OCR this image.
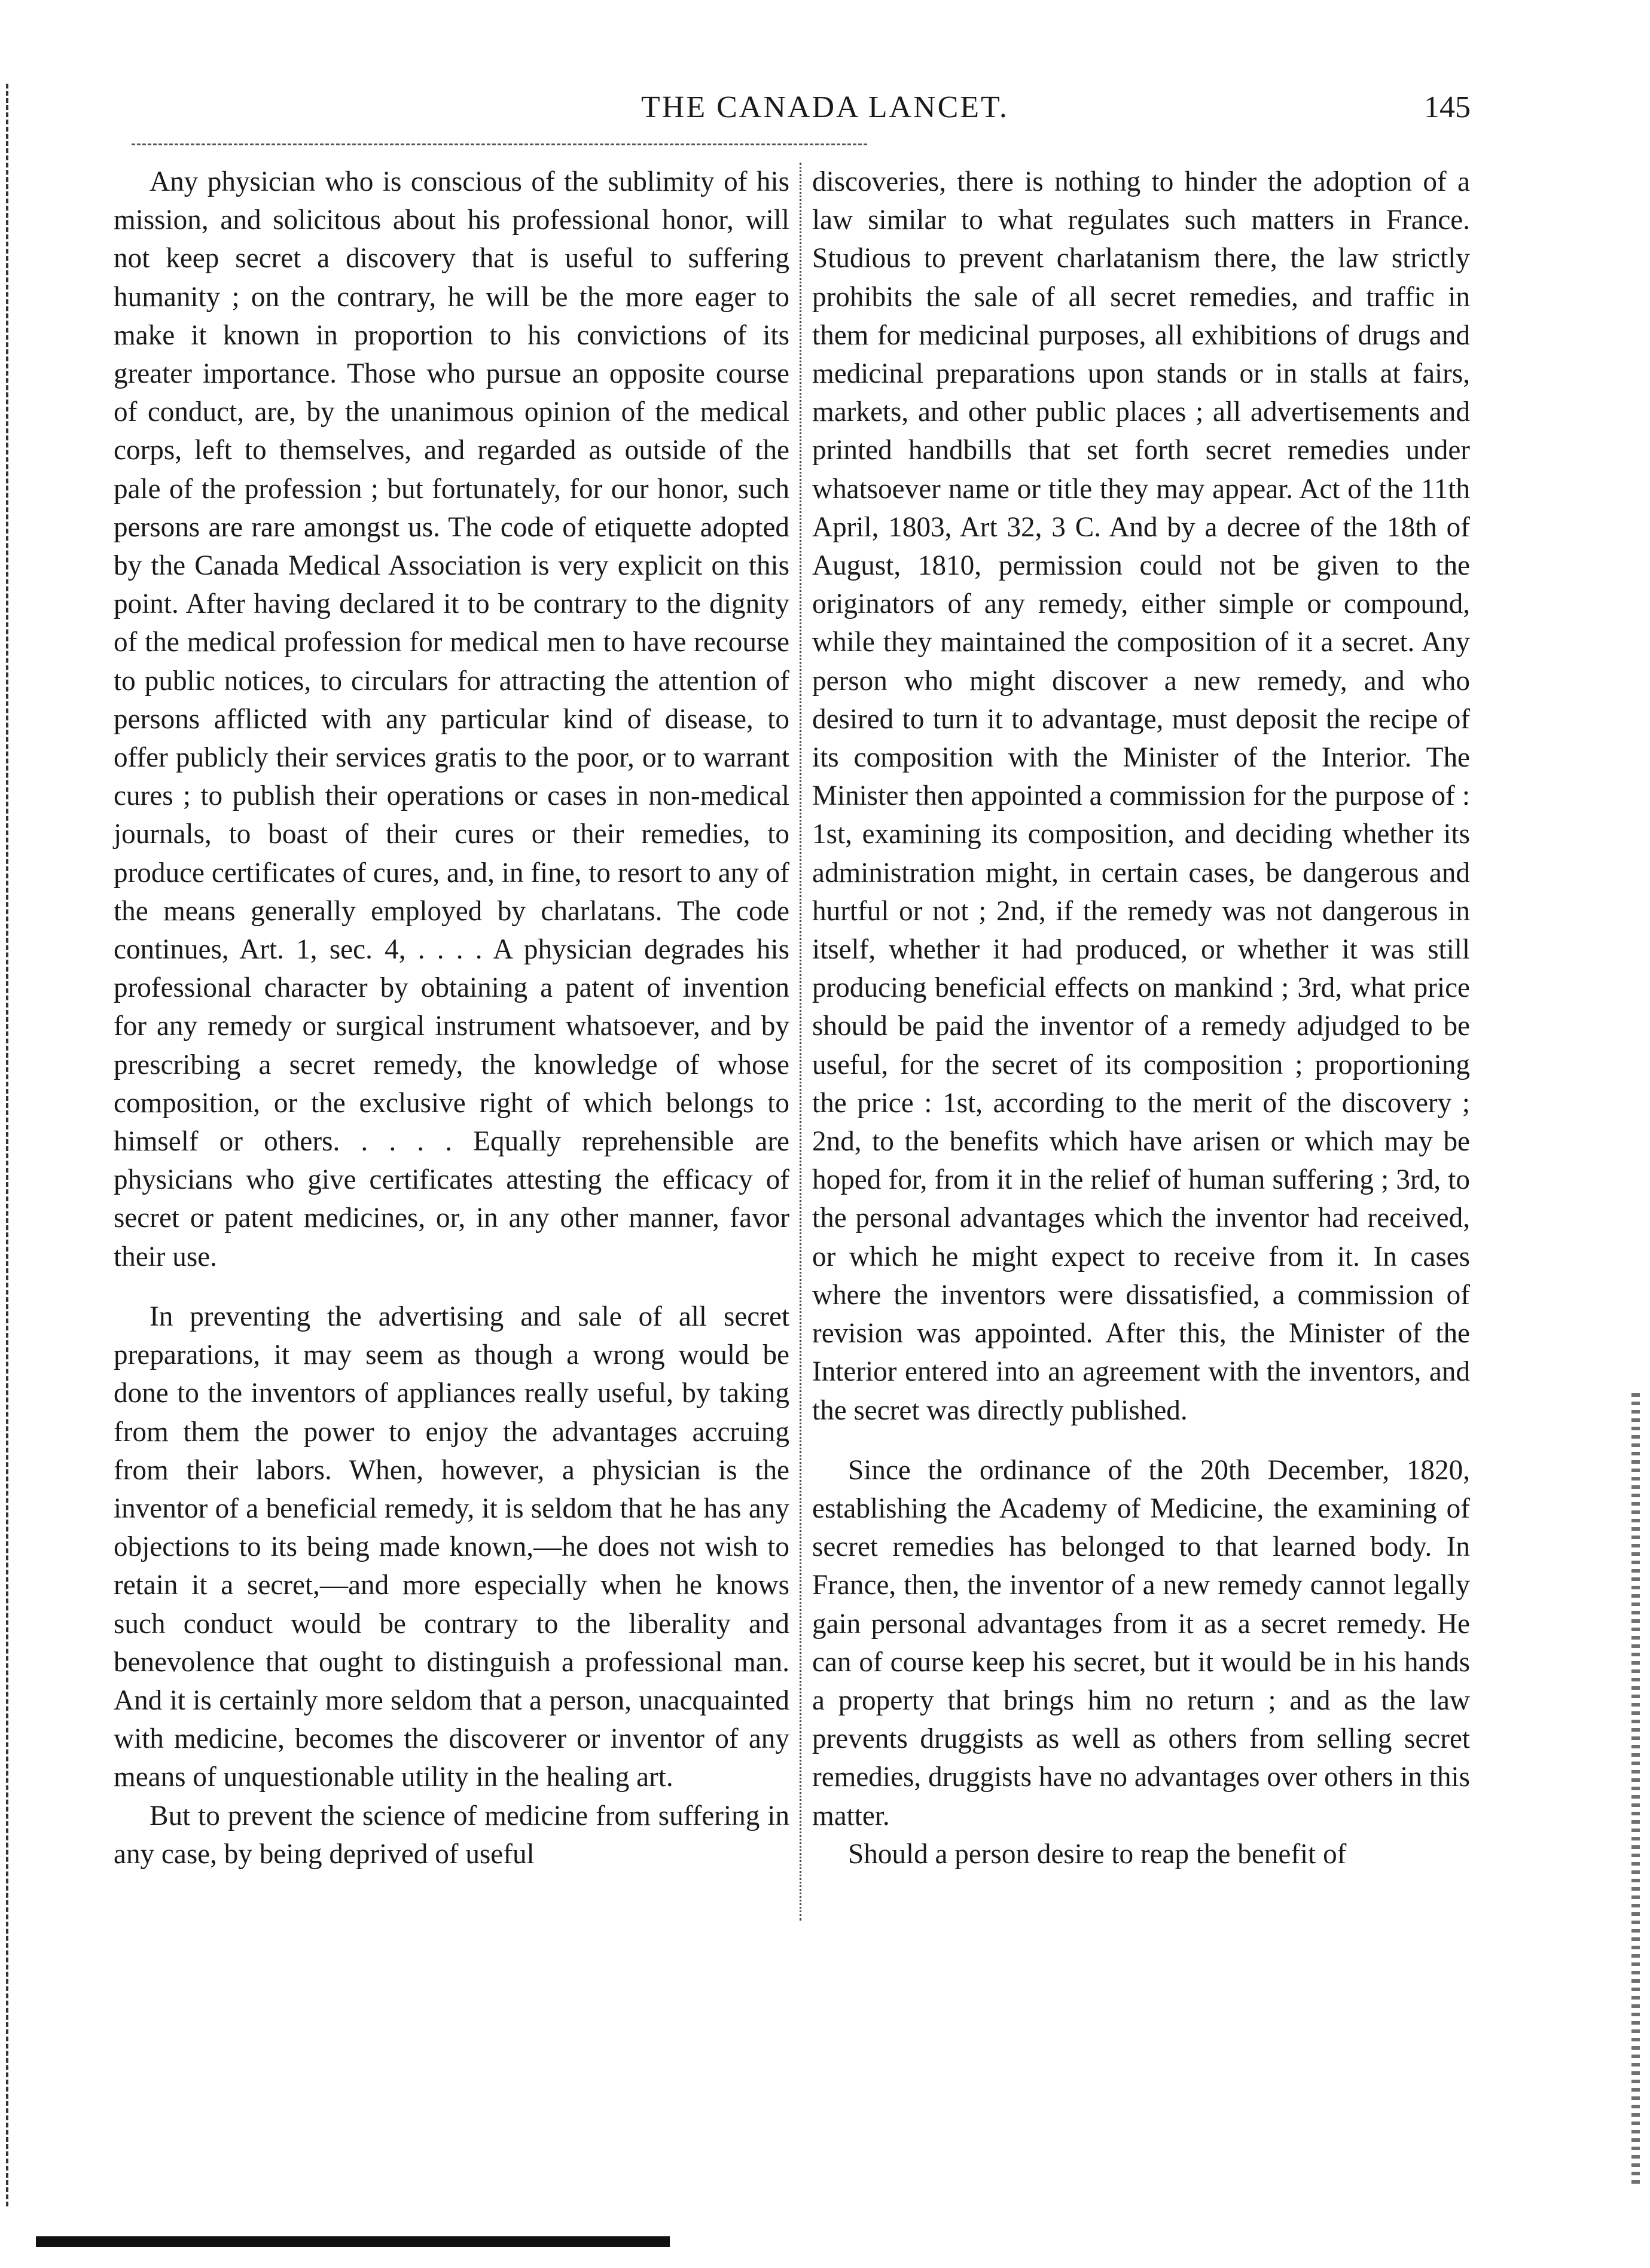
THE CANADA LANCET.	145

Any physician who is conscious of the sublimity of his mission, and solicitous about his professional honor, will not keep secret a discovery that is useful to suffering humanity ; on the contrary, he will be the more eager to make it known in proportion to his convictions of its greater importance. Those who pursue an opposite course of conduct, are, by the unanimous opinion of the medical corps, left to themselves, and regarded as outside of the pale of the profession ; but fortunately, for our honor, such persons are rare amongst us. The code of etiquette adopted by the Canada Medical Association is very explicit on this point. After having declared it to be contrary to the dignity of the medical profession for medical men to have recourse to public notices, to circulars for attracting the attention of persons afflicted with any particular kind of disease, to offer publicly their services gratis to the poor, or to warrant cures ; to publish their operations or cases in non-medical journals, to boast of their cures or their remedies, to produce certificates of cures, and, in fine, to resort to any of the means generally employed by charlatans. The code continues, Art. 1, sec. 4, . . . . A physician degrades his professional character by obtaining a patent of invention for any remedy or surgical instrument whatsoever, and by prescribing a secret remedy, the knowledge of whose composition, or the exclusive right of which belongs to himself or others. . . . . Equally reprehensible are physicians who give certificates attesting the efficacy of secret or patent medicines, or, in any other manner, favor their use.

In preventing the advertising and sale of all secret preparations, it may seem as though a wrong would be done to the inventors of appliances really useful, by taking from them the power to enjoy the advantages accruing from their labors. When, however, a physician is the inventor of a beneficial remedy, it is seldom that he has any objections to its being made known,—he does not wish to retain it a secret,—and more especially when he knows such conduct would be contrary to the liberality and benevolence that ought to distinguish a professional man. And it is certainly more seldom that a person, unacquainted with medicine, becomes the discoverer or inventor of any means of unquestionable utility in the healing art.

But to prevent the science of medicine from suffering in any case, by being deprived of useful

discoveries, there is nothing to hinder the adoption of a law similar to what regulates such matters in France. Studious to prevent charlatanism there, the law strictly prohibits the sale of all secret remedies, and traffic in them for medicinal purposes, all exhibitions of drugs and medicinal preparations upon stands or in stalls at fairs, markets, and other public places ; all advertisements and printed handbills that set forth secret remedies under whatsoever name or title they may appear. Act of the 11th April, 1803, Art 32, 3 C. And by a decree of the 18th of August, 1810, permission could not be given to the originators of any remedy, either simple or compound, while they maintained the composition of it a secret. Any person who might discover a new remedy, and who desired to turn it to advantage, must deposit the recipe of its composition with the Minister of the Interior. The Minister then appointed a commission for the purpose of : 1st, examining its composition, and deciding whether its administration might, in certain cases, be dangerous and hurtful or not ; 2nd, if the remedy was not dangerous in itself, whether it had produced, or whether it was still producing beneficial effects on mankind ; 3rd, what price should be paid the inventor of a remedy adjudged to be useful, for the secret of its composition ; proportioning the price : 1st, according to the merit of the discovery ; 2nd, to the benefits which have arisen or which may be hoped for, from it in the relief of human suffering ; 3rd, to the personal advantages which the inventor had received, or which he might expect to receive from it. In cases where the inventors were dissatisfied, a commission of revision was appointed. After this, the Minister of the Interior entered into an agreement with the inventors, and the secret was directly published.

Since the ordinance of the 20th December, 1820, establishing the Academy of Medicine, the examining of secret remedies has belonged to that learned body. In France, then, the inventor of a new remedy cannot legally gain personal advantages from it as a secret remedy. He can of course keep his secret, but it would be in his hands a property that brings him no return ; and as the law prevents druggists as well as others from selling secret remedies, druggists have no advantages over others in this matter.

Should a person desire to reap the benefit of
